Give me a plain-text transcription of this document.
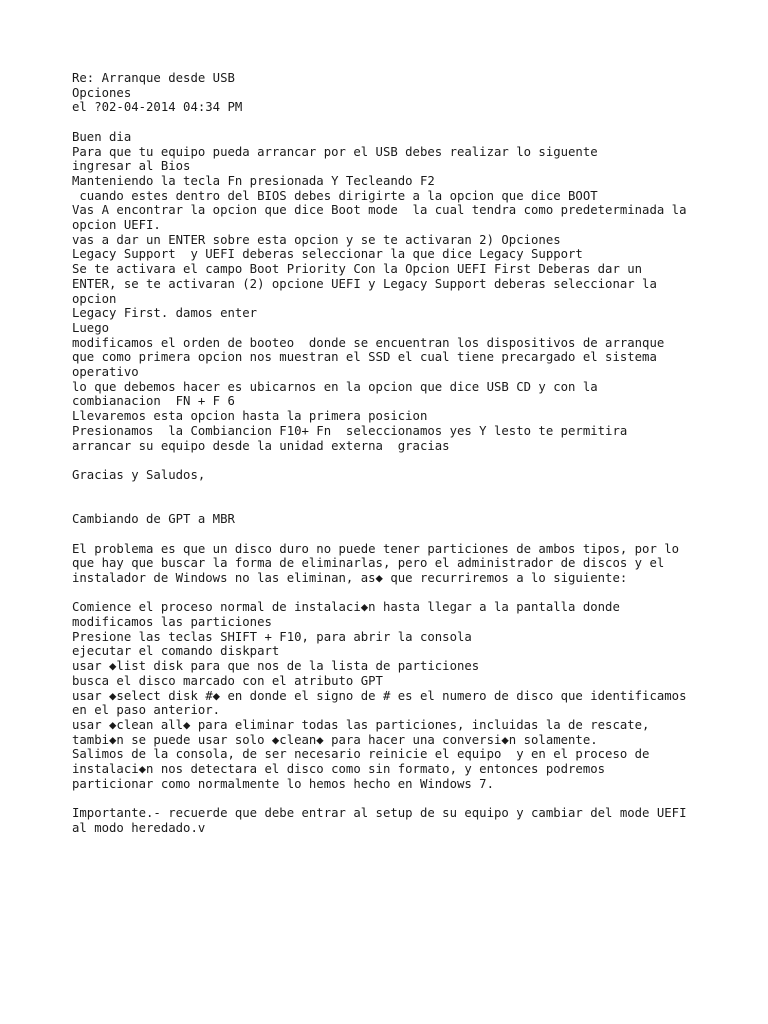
Re: Arranque desde USB
Opciones
el ?02-04-2014 04:34 PM

Buen dia
Para que tu equipo pueda arrancar por el USB debes realizar lo siguente
ingresar al Bios
Manteniendo la tecla Fn presionada Y Tecleando F2
cuando estes dentro del BIOS debes dirigirte a la opcion que dice BOOT
Vas A encontrar la opcion que dice Boot mode  la cual tendra como predeterminada la
opcion UEFI.
vas a dar un ENTER sobre esta opcion y se te activaran 2) Opciones
Legacy Support  y UEFI deberas seleccionar la que dice Legacy Support
Se te activara el campo Boot Priority Con la Opcion UEFI First Deberas dar un
ENTER, se te activaran (2) opcione UEFI y Legacy Support deberas seleccionar la
opcion
Legacy First. damos enter
Luego
modificamos el orden de booteo  donde se encuentran los dispositivos de arranque
que como primera opcion nos muestran el SSD el cual tiene precargado el sistema
operativo
lo que debemos hacer es ubicarnos en la opcion que dice USB CD y con la
combianacion  FN + F 6
Llevaremos esta opcion hasta la primera posicion
Presionamos  la Combiancion F10+ Fn  seleccionamos yes Y lesto te permitira
arrancar su equipo desde la unidad externa  gracias

Gracias y Saludos,

Cambiando de GPT a MBR

El problema es que un disco duro no puede tener particiones de ambos tipos, por lo
que hay que buscar la forma de eliminarlas, pero el administrador de discos y el
instalador de Windows no las eliminan, as◆ que recurriremos a lo siguiente:

Comience el proceso normal de instalaci◆n hasta llegar a la pantalla donde
modificamos las particiones
Presione las teclas SHIFT + F10, para abrir la consola
ejecutar el comando diskpart
usar ◆list disk para que nos de la lista de particiones
busca el disco marcado con el atributo GPT
usar ◆select disk #◆ en donde el signo de # es el numero de disco que identificamos
en el paso anterior.
usar ◆clean all◆ para eliminar todas las particiones, incluidas la de rescate,
tambi◆n se puede usar solo ◆clean◆ para hacer una conversi◆n solamente.
Salimos de la consola, de ser necesario reinicie el equipo  y en el proceso de
instalaci◆n nos detectara el disco como sin formato, y entonces podremos
particionar como normalmente lo hemos hecho en Windows 7.

Importante.- recuerde que debe entrar al setup de su equipo y cambiar del mode UEFI
al modo heredado.v
